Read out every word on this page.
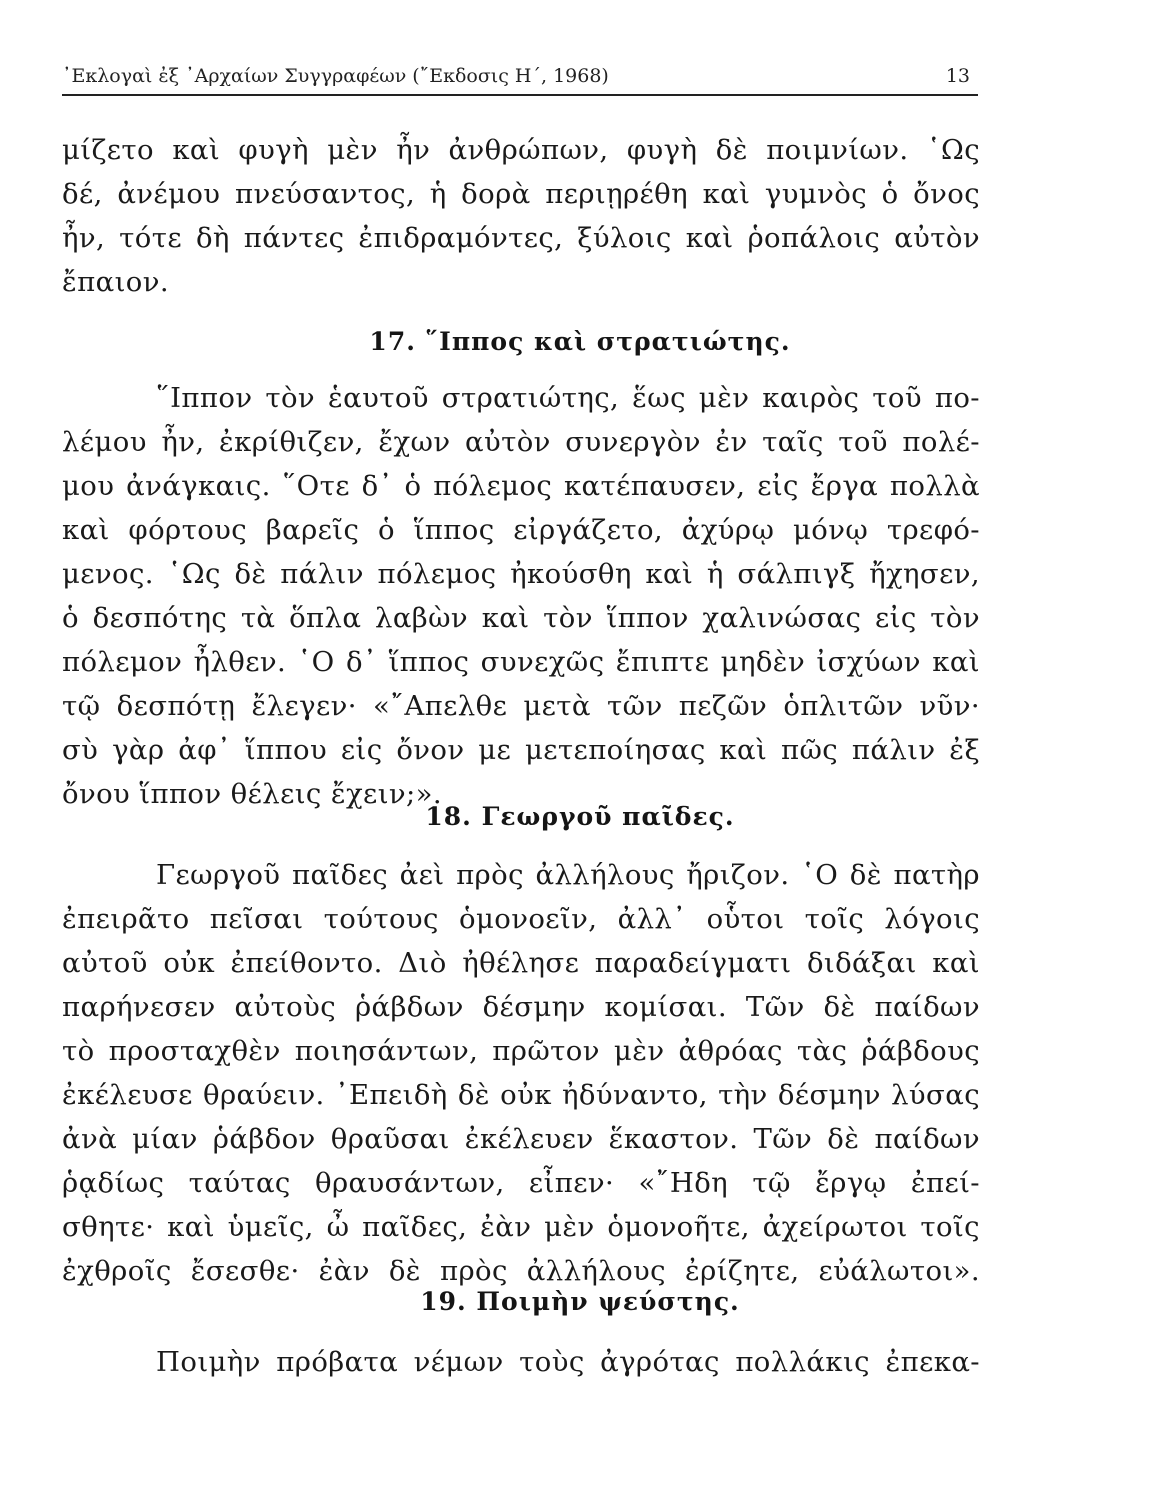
᾿Εκλογαὶ ἐξ ᾿Αρχαίων Συγγραφέων (῎Εκδοσις Η΄, 1968)	13
μίζετο καὶ φυγὴ μὲν ἦν ἀνθρώπων, φυγὴ δὲ ποιμνίων. ῾Ως
δέ, ἀνέμου πνεύσαντος, ἡ δορὰ περιῃρέθη καὶ γυμνὸς ὁ ὄνος
ἦν, τότε δὴ πάντες ἐπιδραμόντες, ξύλοις καὶ ῥοπάλοις αὐτὸν
ἔπαιον.
17. ῞Ιππος καὶ στρατιώτης.
῞Ιππον τὸν ἑαυτοῦ στρατιώτης, ἕως μὲν καιρὸς τοῦ πο-
λέμου ἦν, ἐκρίθιζεν, ἔχων αὐτὸν συνεργὸν ἐν ταῖς τοῦ πολέ-
μου ἀνάγκαις. ῞Οτε δ᾿ ὁ πόλεμος κατέπαυσεν, εἰς ἔργα πολλὰ
καὶ φόρτους βαρεῖς ὁ ἵππος εἰργάζετο, ἀχύρῳ μόνῳ τρεφό-
μενος. ῾Ως δὲ πάλιν πόλεμος ἠκούσθη καὶ ἡ σάλπιγξ ἤχησεν,
ὁ δεσπότης τὰ ὅπλα λαβὼν καὶ τὸν ἵππον χαλινώσας εἰς τὸν
πόλεμον ἦλθεν. ῾Ο δ᾿ ἵππος συνεχῶς ἔπιπτε μηδὲν ἰσχύων καὶ
τῷ δεσπότῃ ἔλεγεν· «῎Απελθε μετὰ τῶν πεζῶν ὁπλιτῶν νῦν·
σὺ γὰρ ἀφ᾿ ἵππου εἰς ὄνον με μετεποίησας καὶ πῶς πάλιν ἐξ
ὄνου ἵππον θέλεις ἔχειν;».
18. Γεωργοῦ παῖδες.
Γεωργοῦ παῖδες ἀεὶ πρὸς ἀλλήλους ἤριζον. ῾Ο δὲ πατὴρ
ἐπειρᾶτο πεῖσαι τούτους ὁμονοεῖν, ἀλλ᾿ οὗτοι τοῖς λόγοις
αὐτοῦ οὐκ ἐπείθοντο. Διὸ ἠθέλησε παραδείγματι διδάξαι καὶ
παρήνεσεν αὐτοὺς ῥάβδων δέσμην κομίσαι. Τῶν δὲ παίδων
τὸ προσταχθὲν ποιησάντων, πρῶτον μὲν ἀθρόας τὰς ῥάβδους
ἐκέλευσε θραύειν. ᾿Επειδὴ δὲ οὐκ ἠδύναντο, τὴν δέσμην λύσας
ἀνὰ μίαν ῥάβδον θραῦσαι ἐκέλευεν ἕκαστον. Τῶν δὲ παίδων
ῥᾳδίως ταύτας θραυσάντων, εἶπεν· «῎Ηδη τῷ ἔργῳ ἐπεί-
σθητε· καὶ ὑμεῖς, ὦ παῖδες, ἐὰν μὲν ὁμονοῆτε, ἀχείρωτοι τοῖς
ἐχθροῖς ἔσεσθε· ἐὰν δὲ πρὸς ἀλλήλους ἐρίζητε, εὐάλωτοι».
19. Ποιμὴν ψεύστης.
Ποιμὴν πρόβατα νέμων τοὺς ἀγρότας πολλάκις ἐπεκα-
